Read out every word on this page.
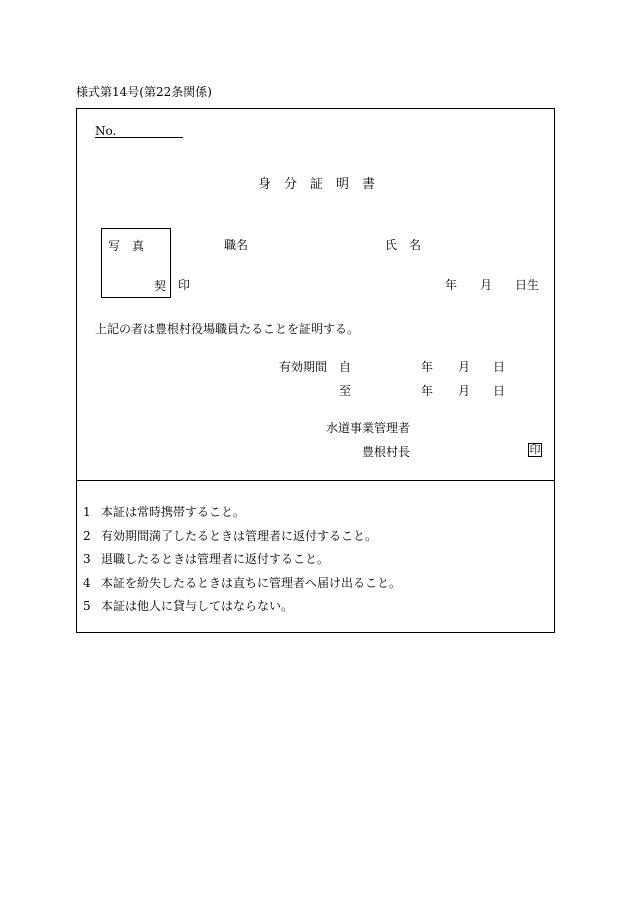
様式第14号(第22条関係)
No.
身　分　証　明　書
写　真
契 印
職名	氏　名
年 月 日生
上記の者は豊根村役場職員たることを証明する。
有効期間 自	年 月 日
至	年 月 日
水道事業管理者
豊根村長	印
1 本証は常時携帯すること。
2 有効期間満了したるときは管理者に返付すること。
3 退職したるときは管理者に返付すること。
4 本証を紛失したるときは直ちに管理者へ届け出ること。
5 本証は他人に貸与してはならない。
